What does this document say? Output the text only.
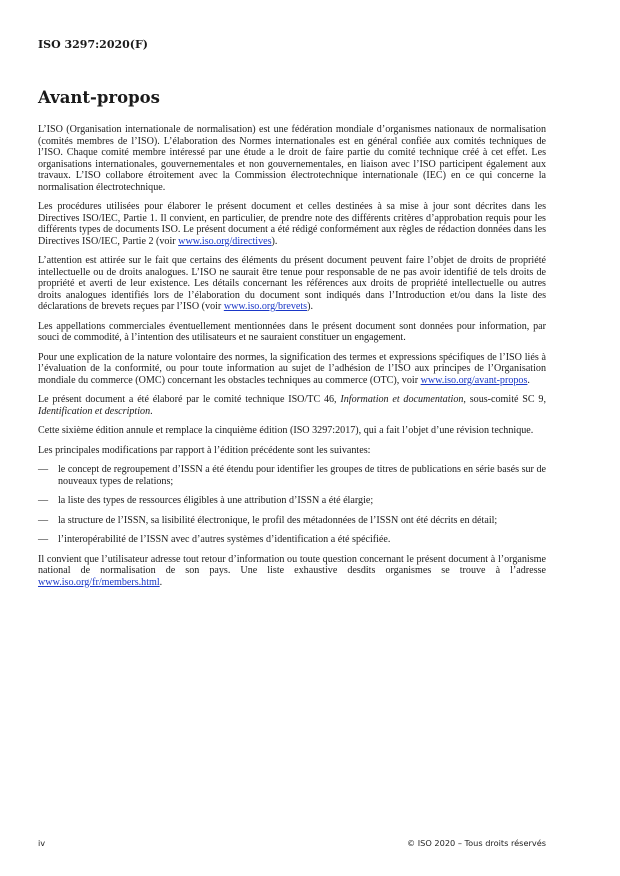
ISO 3297:2020(F)
Avant-propos

L’ISO (Organisation internationale de normalisation) est une fédération mondiale d’organismes nationaux de normalisation (comités membres de l’ISO). L’élaboration des Normes internationales est en général confiée aux comités techniques de l’ISO. Chaque comité membre intéressé par une étude a le droit de faire partie du comité technique créé à cet effet. Les organisations internationales, gouvernementales et non gouvernementales, en liaison avec l’ISO participent également aux travaux. L’ISO collabore étroitement avec la Commission électrotechnique internationale (IEC) en ce qui concerne la normalisation électrotechnique.

Les procédures utilisées pour élaborer le présent document et celles destinées à sa mise à jour sont décrites dans les Directives ISO/IEC, Partie 1. Il convient, en particulier, de prendre note des différents critères d’approbation requis pour les différents types de documents ISO. Le présent document a été rédigé conformément aux règles de rédaction données dans les Directives ISO/IEC, Partie 2 (voir www.iso.org/directives).

L’attention est attirée sur le fait que certains des éléments du présent document peuvent faire l’objet de droits de propriété intellectuelle ou de droits analogues. L’ISO ne saurait être tenue pour responsable de ne pas avoir identifié de tels droits de propriété et averti de leur existence. Les détails concernant les références aux droits de propriété intellectuelle ou autres droits analogues identifiés lors de l’élaboration du document sont indiqués dans l’Introduction et/ou dans la liste des déclarations de brevets reçues par l’ISO (voir www.iso.org/brevets).

Les appellations commerciales éventuellement mentionnées dans le présent document sont données pour information, par souci de commodité, à l’intention des utilisateurs et ne sauraient constituer un engagement.

Pour une explication de la nature volontaire des normes, la signification des termes et expressions spécifiques de l’ISO liés à l’évaluation de la conformité, ou pour toute information au sujet de l’adhésion de l’ISO aux principes de l’Organisation mondiale du commerce (OMC) concernant les obstacles techniques au commerce (OTC), voir www.iso.org/avant-propos.

Le présent document a été élaboré par le comité technique ISO/TC 46, Information et documentation, sous-comité SC 9, Identification et description.

Cette sixième édition annule et remplace la cinquième édition (ISO 3297:2017), qui a fait l’objet d’une révision technique.

Les principales modifications par rapport à l’édition précédente sont les suivantes:

— le concept de regroupement d’ISSN a été étendu pour identifier les groupes de titres de publications en série basés sur de nouveaux types de relations;
— la liste des types de ressources éligibles à une attribution d’ISSN a été élargie;
— la structure de l’ISSN, sa lisibilité électronique, le profil des métadonnées de l’ISSN ont été décrits en détail;
— l’interopérabilité de l’ISSN avec d’autres systèmes d’identification a été spécifiée.

Il convient que l’utilisateur adresse tout retour d’information ou toute question concernant le présent document à l’organisme national de normalisation de son pays. Une liste exhaustive desdits organismes se trouve à l’adresse www.iso.org/fr/members.html.

iv	© ISO 2020 – Tous droits réservés
